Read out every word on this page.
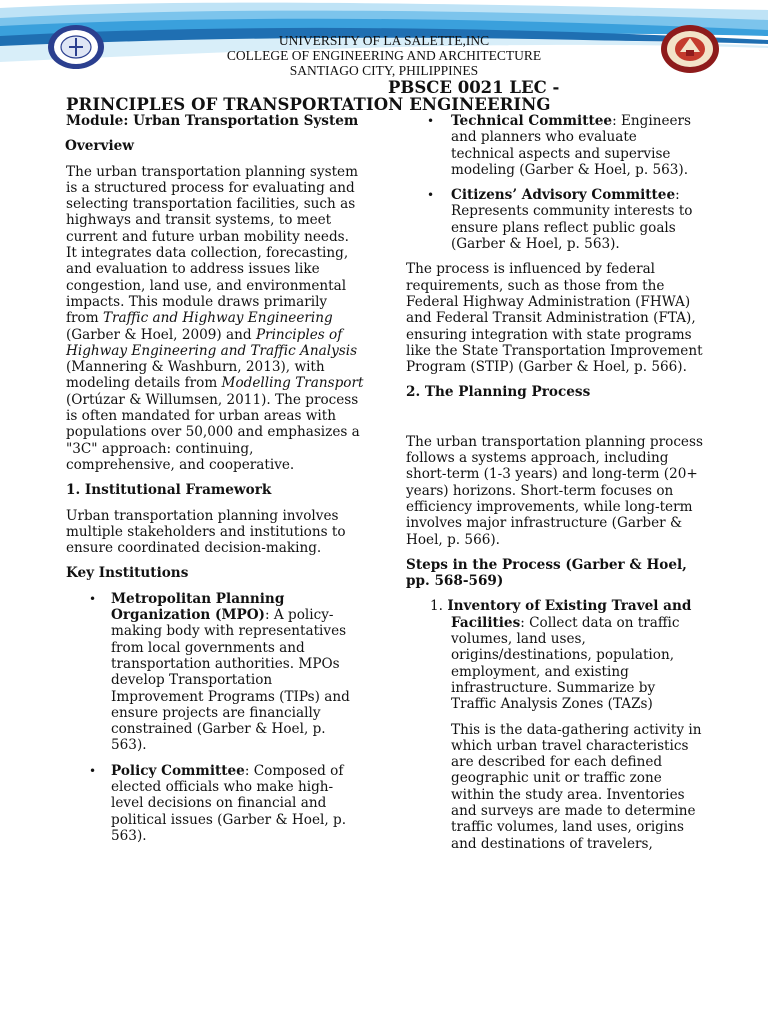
UNIVERSITY OF LA SALETTE,INC
COLLEGE OF ENGINEERING AND ARCHITECTURE
SANTIAGO CITY, PHILIPPINES
PBSCE 0021 LEC -
PRINCIPLES OF TRANSPORTATION ENGINEERING

Module: Urban Transportation System

Overview

The urban transportation planning system is a structured process for evaluating and selecting transportation facilities, such as highways and transit systems, to meet current and future urban mobility needs. It integrates data collection, forecasting, and evaluation to address issues like congestion, land use, and environmental impacts. This module draws primarily from Traffic and Highway Engineering (Garber & Hoel, 2009) and Principles of Highway Engineering and Traffic Analysis (Mannering & Washburn, 2013), with modeling details from Modelling Transport (Ortúzar & Willumsen, 2011). The process is often mandated for urban areas with populations over 50,000 and emphasizes a "3C" approach: continuing, comprehensive, and cooperative.

1. Institutional Framework

Urban transportation planning involves multiple stakeholders and institutions to ensure coordinated decision-making.

Key Institutions

• Metropolitan Planning Organization (MPO): A policy-making body with representatives from local governments and transportation authorities. MPOs develop Transportation Improvement Programs (TIPs) and ensure projects are financially constrained (Garber & Hoel, p. 563).
• Policy Committee: Composed of elected officials who make high-level decisions on financial and political issues (Garber & Hoel, p. 563).
• Technical Committee: Engineers and planners who evaluate technical aspects and supervise modeling (Garber & Hoel, p. 563).
• Citizens’ Advisory Committee: Represents community interests to ensure plans reflect public goals (Garber & Hoel, p. 563).

The process is influenced by federal requirements, such as those from the Federal Highway Administration (FHWA) and Federal Transit Administration (FTA), ensuring integration with state programs like the State Transportation Improvement Program (STIP) (Garber & Hoel, p. 566).

2. The Planning Process

The urban transportation planning process follows a systems approach, including short-term (1-3 years) and long-term (20+ years) horizons. Short-term focuses on efficiency improvements, while long-term involves major infrastructure (Garber & Hoel, p. 566).

Steps in the Process (Garber & Hoel, pp. 568-569)

1. Inventory of Existing Travel and

Facilities: Collect data on traffic volumes, land uses, origins/destinations, population, employment, and existing infrastructure. Summarize by Traffic Analysis Zones (TAZs)

This is the data-gathering activity in which urban travel characteristics are described for each defined geographic unit or traffic zone within the study area. Inventories and surveys are made to determine traffic volumes, land uses, origins and destinations of travelers,
